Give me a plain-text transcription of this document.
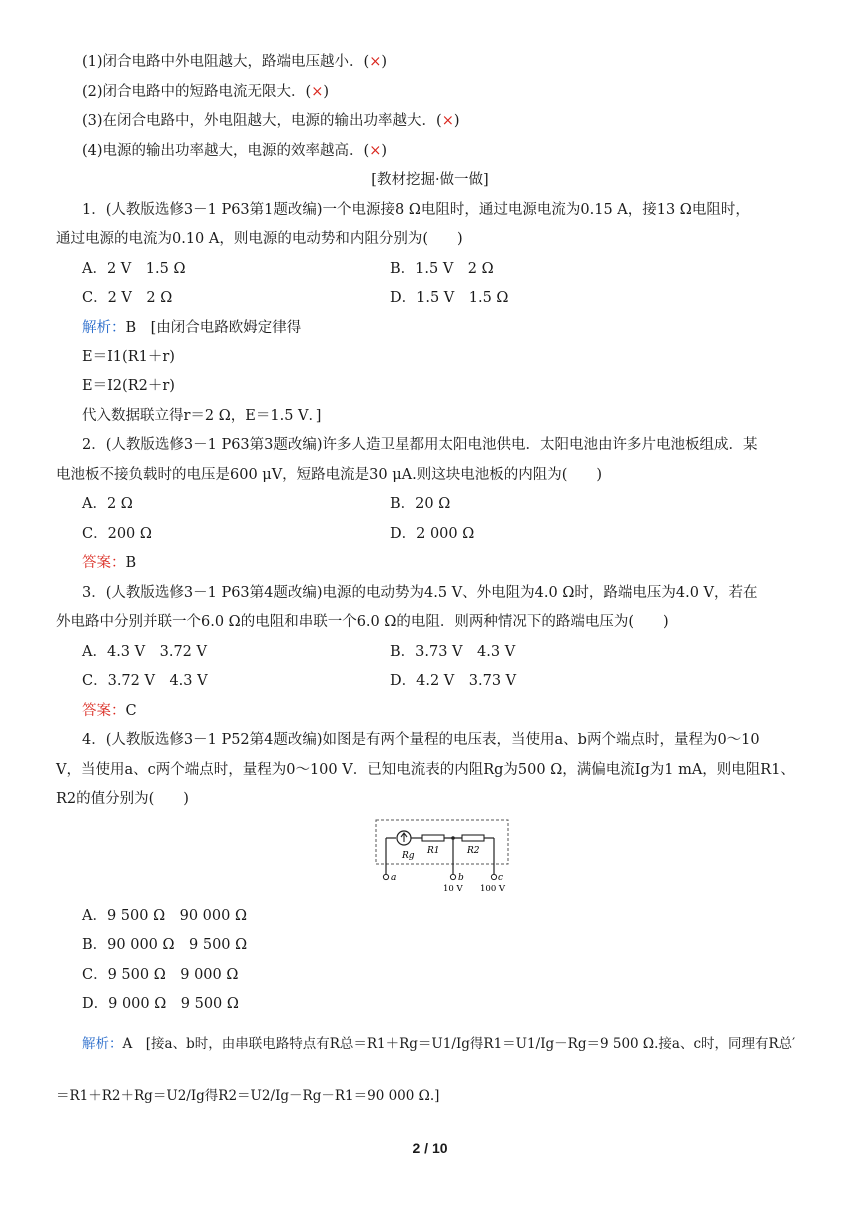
(1)闭合电路中外电阻越大，路端电压越小．(×)
(2)闭合电路中的短路电流无限大．(×)
(3)在闭合电路中，外电阻越大，电源的输出功率越大．(×)
(4)电源的输出功率越大，电源的效率越高．(×)
[教材挖掘·做一做]
1．(人教版选修3－1 P63第1题改编)一个电源接8 Ω电阻时，通过电源电流为0.15 A，接13 Ω电阻时，
通过电源的电流为0.10 A，则电源的电动势和内阻分别为(　　)
A．2 V　1.5 Ω	B．1.5 V　2 Ω
C．2 V　2 Ω	D．1.5 V　1.5 Ω
解析：B　[由闭合电路欧姆定律得
E＝I1(R1＋r)
E＝I2(R2＋r)
代入数据联立得r＝2 Ω，E＝1.5 V．]
2．(人教版选修3－1 P63第3题改编)许多人造卫星都用太阳电池供电．太阳电池由许多片电池板组成．某
电池板不接负载时的电压是600 μV，短路电流是30 μA.则这块电池板的内阻为(　　)
A．2 Ω	B．20 Ω
C．200 Ω	D．2 000 Ω
答案：B
3．(人教版选修3－1 P63第4题改编)电源的电动势为4.5 V、外电阻为4.0 Ω时，路端电压为4.0 V，若在
外电路中分别并联一个6.0 Ω的电阻和串联一个6.0 Ω的电阻．则两种情况下的路端电压为(　　)
A．4.3 V　3.72 V	B．3.73 V　4.3 V
C．3.72 V　4.3 V	D．4.2 V　3.73 V
答案：C
4．(人教版选修3－1 P52第4题改编)如图是有两个量程的电压表，当使用a、b两个端点时，量程为0～10
V，当使用a、c两个端点时，量程为0～100 V．已知电流表的内阻Rg为500 Ω，满偏电流Ig为1 mA，则电阻R1、
R2的值分别为(　　)
Rg R1	R2
a	b	c
10 V 100 V
A．9 500 Ω　90 000 Ω
B．90 000 Ω　9 500 Ω
C．9 500 Ω　9 000 Ω
D．9 000 Ω　9 500 Ω
解析：A　[接a、b时，由串联电路特点有R总＝R1＋Rg＝U1/Ig得R1＝U1/Ig－Rg＝9 500 Ω.接a、c时，同理有R总′
＝R1＋R2＋Rg＝U2/Ig得R2＝U2/Ig－Rg－R1＝90 000 Ω.]
2 / 10
